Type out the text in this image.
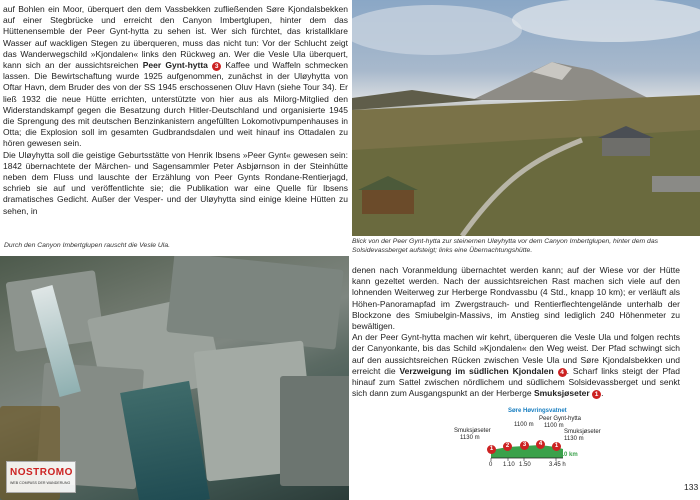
auf Bohlen ein Moor, überquert den dem Vassbekken zufließenden Søre Kjondalsbekken auf einer Stegbrücke und erreicht den Canyon Imbertglupen, hinter dem das Hüttenensemble der Peer Gynt-hytta zu sehen ist. Wer sich fürchtet, das kristallklare Wasser auf wackligen Stegen zu überqueren, muss das nicht tun: Vor der Schlucht zeigt das Wanderwegschild »Kjondalen« links den Rückweg an. Wer die Vesle Ula überquert, kann sich an der aussichtsreichen Peer Gynt-hytta 3 Kaffee und Waffeln schmecken lassen. Die Bewirtschaftung wurde 1925 aufgenommen, zunächst in der Uløyhytta von Oftar Havn, dem Bruder des von der SS 1945 erschossenen Oluv Havn (siehe Tour 34). Er ließ 1932 die neue Hütte errichten, unterstützte von hier aus als Milorg-Mitglied den Widerstandskampf gegen die Besatzung durch Hitler-Deutschland und organisierte 1945 die Sprengung des mit deutschen Benzinkanistern angefüllten Lokomotivpumpenhauses in Otta; die Explosion soll im gesamten Gudbrandsdalen und weit hinauf ins Ottadalen zu hören gewesen sein.

Die Uløyhytta soll die geistige Geburtsstätte von Henrik Ibsens »Peer Gynt« gewesen sein: 1842 übernachtete der Märchen- und Sagensammler Peter Asbjørnson in der Steinhütte neben dem Fluss und lauschte der Erzählung von Peer Gynts Rondane-Rentierjagd, schrieb sie auf und veröffentlichte sie; die Publikation war eine Quelle für Ibsens dramatisches Gedicht. Außer der Vesper- und der Uløyhytta sind einige kleine Hütten zu sehen, in

Durch den Canyon Imbertglupen rauscht die Vesle Ula.
NOSTROMO
WEB COMPASS DER WANDERUNG
Blick von der Peer Gynt-hytta zur steinernen Uløyhytta vor dem Canyon Imbertglupen, hinter dem das Solsidevassberget aufsteigt; links eine Übernachtungshütte.

denen nach Voranmeldung übernachtet werden kann; auf der Wiese vor der Hütte kann gezeltet werden. Nach der aussichtsreichen Rast machen sich viele auf den lohnenden Weiterweg zur Herberge Rondvassbu (4 Std., knapp 10 km); er verläuft als Höhen-Panoramapfad im Zwergstrauch- und Rentierflechtengelände unterhalb der Blockzone des Smiubelgin-Massivs, im Anstieg sind lediglich 240 Höhenmeter zu bewältigen.

An der Peer Gynt-hytta machen wir kehrt, überqueren die Vesle Ula und folgen rechts der Canyonkante, bis das Schild »Kjondalen« den Weg weist. Der Pfad schwingt sich auf den aussichtsreichen Rücken zwischen Vesle Ula und Søre Kjondalsbekken und erreicht die Verzweigung im südlichen Kjondalen 4 . Scharf links steigt der Pfad hinauf zum Sattel zwischen nördlichem und südlichem Solsidevassberget und senkt sich dann zum Ausgangspunkt an der Herberge Smuksjøseter 1 .

Søre Høvringsvatnet
1100 m
Peer Gynt-hytta
1100 m
Smuksjøseter
1130 m
Smuksjøseter
1130 m
1	2	3	4	1
8.0 km
0 1.10 1.50	3.45 h
133
